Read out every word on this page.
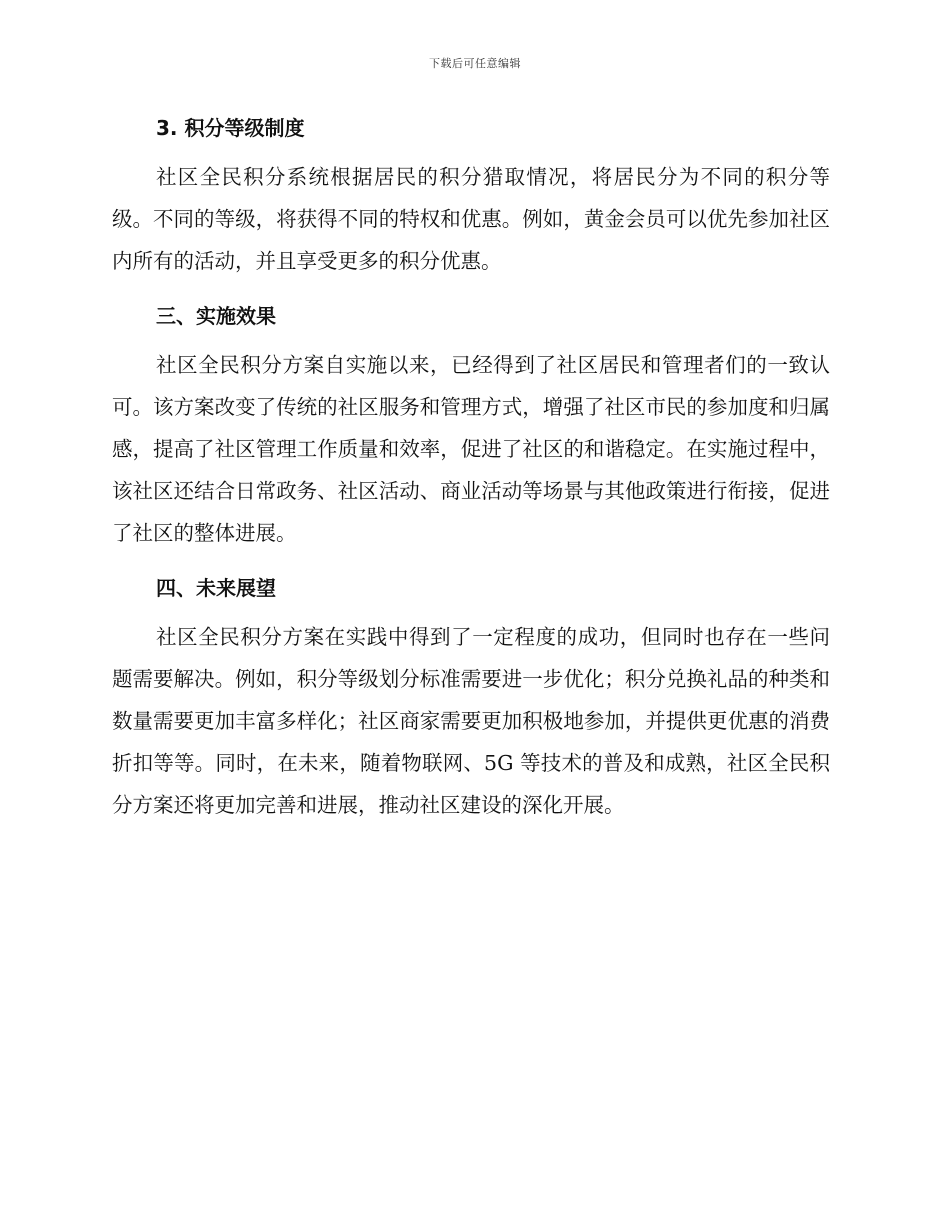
下载后可任意编辑
3. 积分等级制度

社区全民积分系统根据居民的积分猎取情况，将居民分为不同的积分等级。不同的等级，将获得不同的特权和优惠。例如，黄金会员可以优先参加社区内所有的活动，并且享受更多的积分优惠。

三、实施效果

社区全民积分方案自实施以来，已经得到了社区居民和管理者们的一致认可。该方案改变了传统的社区服务和管理方式，增强了社区市民的参加度和归属感，提高了社区管理工作质量和效率，促进了社区的和谐稳定。在实施过程中，该社区还结合日常政务、社区活动、商业活动等场景与其他政策进行衔接，促进了社区的整体进展。

四、未来展望

社区全民积分方案在实践中得到了一定程度的成功，但同时也存在一些问题需要解决。例如，积分等级划分标准需要进一步优化；积分兑换礼品的种类和数量需要更加丰富多样化；社区商家需要更加积极地参加，并提供更优惠的消费折扣等等。同时，在未来，随着物联网、5G 等技术的普及和成熟，社区全民积分方案还将更加完善和进展，推动社区建设的深化开展。
